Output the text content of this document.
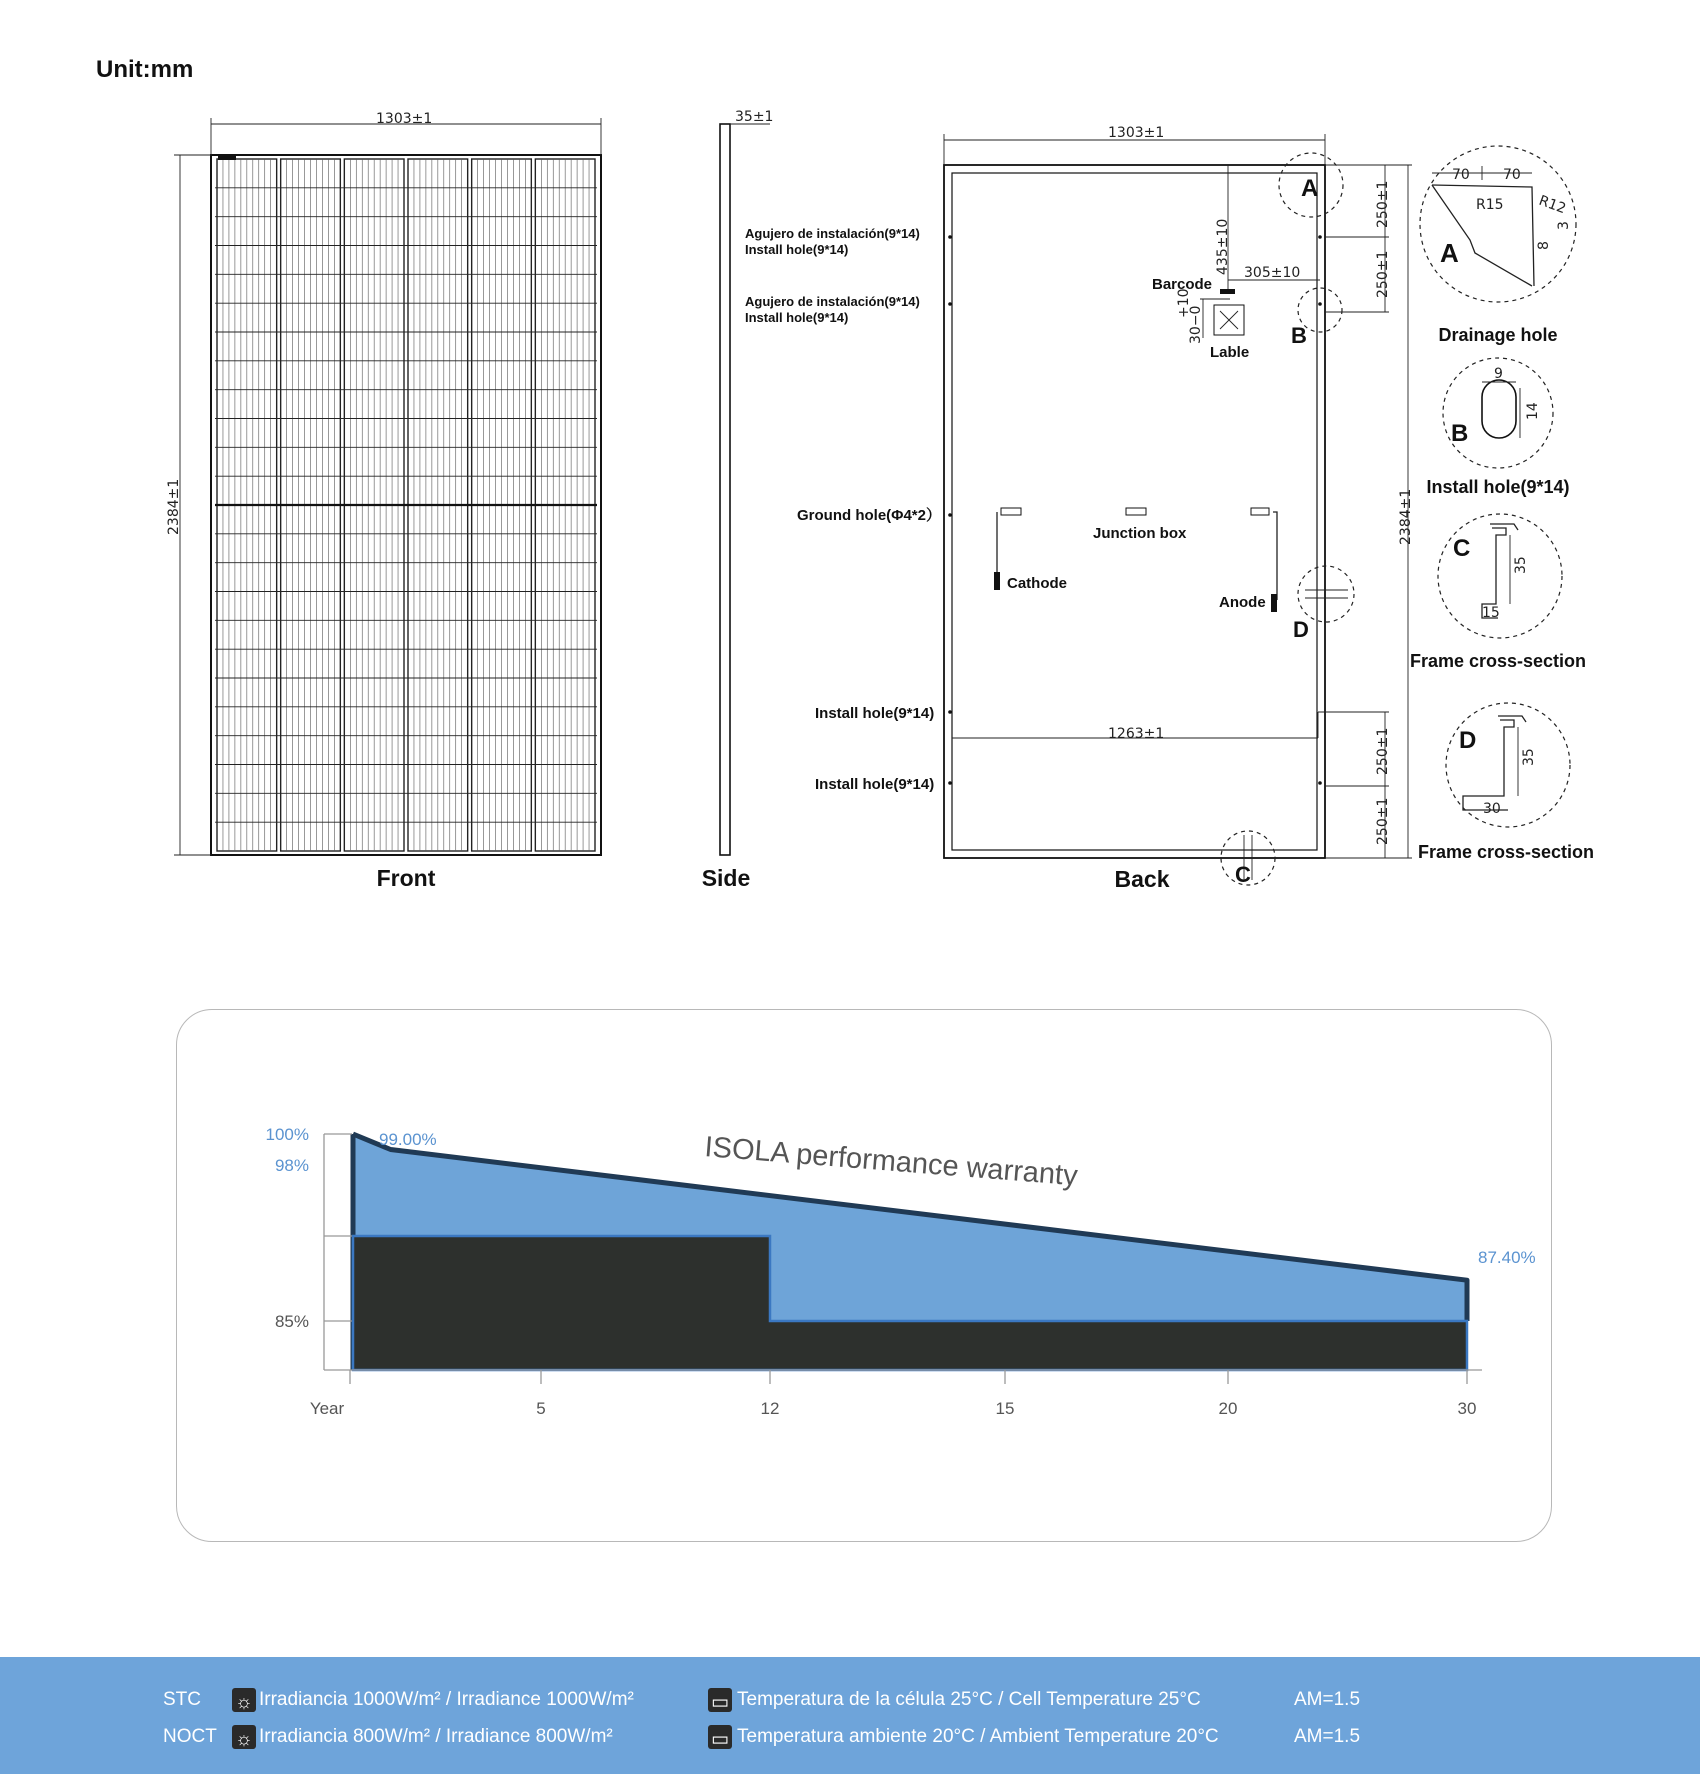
Unit:mm
1303±1
2384±1
Front
35±1
Side
1303±1
2384±1
250±1
250±1
250±1
250±1
1263±1
435±10 305±10
Barcode
+10
30−0
Lable
Junction box
Cathode
Anode
Agujero de instalación(9*14)
Install hole(9*14)
Agujero de instalación(9*14)
Install hole(9*14)
Ground hole(Φ4*2）
Install hole(9*14)
Install hole(9*14)
A
B
D
C
Back
70 70
R15 R12
8
3
A
Drainage hole
9
14
B
Install hole(9*14)
35
15
C
Frame cross-section
35
30
D
Frame cross-section
100%
98%
85%
Year	5	12	15	20	30
99.00%
87.40%
ISOLA performance warranty
STC ☼ Irradiancia 1000W/m² / Irradiance 1000W/m²	▭ Temperatura de la célula 25°C / Cell Temperature 25°C	AM=1.5
NOCT ☼ Irradiancia 800W/m² / Irradiance 800W/m²	▭ Temperatura ambiente 20°C / Ambient Temperature 20°C	AM=1.5
